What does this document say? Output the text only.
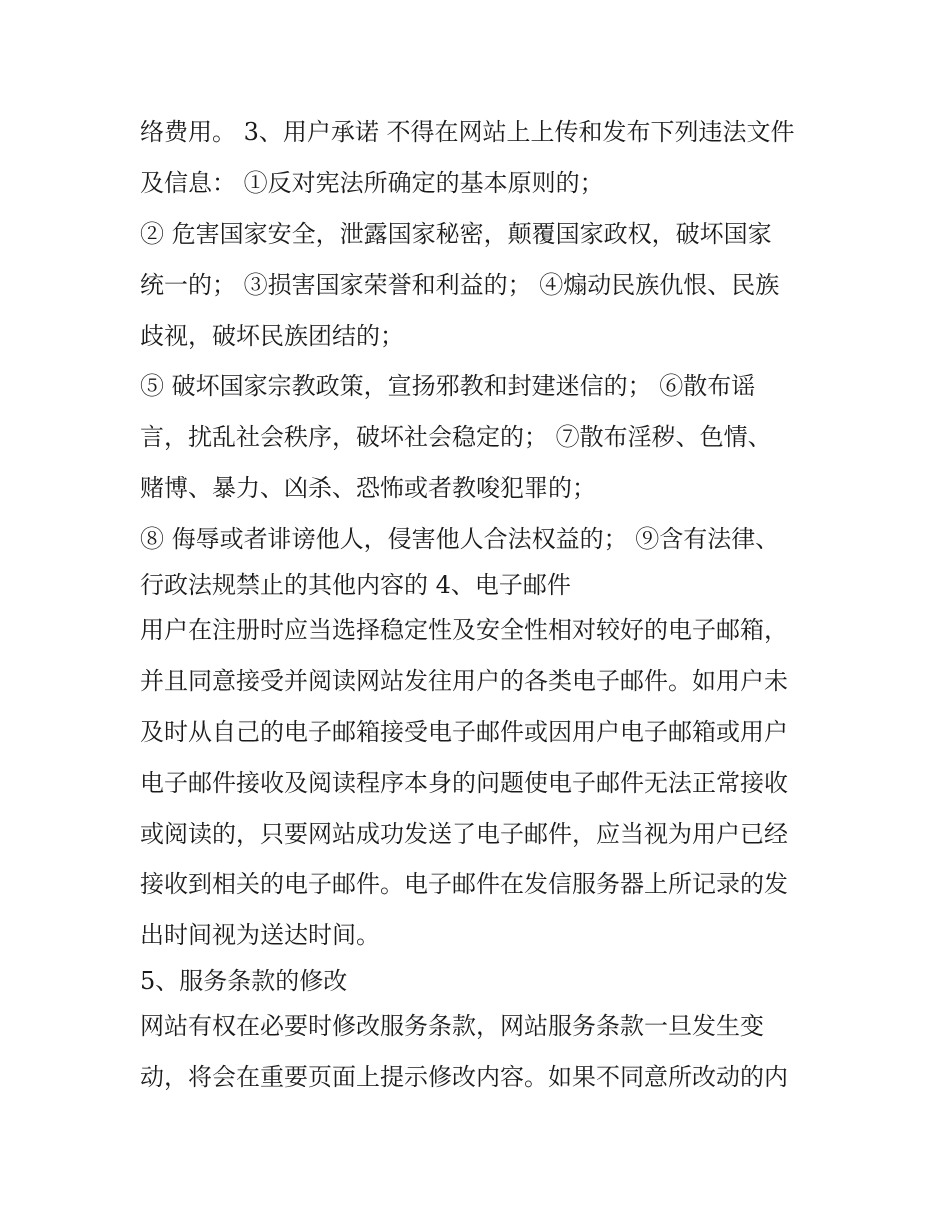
络费用。 3、用户承诺 不得在网站上上传和发布下列违法文件
及信息： ①反对宪法所确定的基本原则的；
② 危害国家安全，泄露国家秘密，颠覆国家政权，破坏国家
统一的； ③损害国家荣誉和利益的； ④煽动民族仇恨、民族
歧视，破坏民族团结的；
⑤ 破坏国家宗教政策，宣扬邪教和封建迷信的； ⑥散布谣
言，扰乱社会秩序，破坏社会稳定的； ⑦散布淫秽、色情、
赌博、暴力、凶杀、恐怖或者教唆犯罪的；
⑧ 侮辱或者诽谤他人，侵害他人合法权益的； ⑨含有法律、
行政法规禁止的其他内容的 4、电子邮件
用户在注册时应当选择稳定性及安全性相对较好的电子邮箱，
并且同意接受并阅读网站发往用户的各类电子邮件。如用户未
及时从自己的电子邮箱接受电子邮件或因用户电子邮箱或用户
电子邮件接收及阅读程序本身的问题使电子邮件无法正常接收
或阅读的，只要网站成功发送了电子邮件，应当视为用户已经
接收到相关的电子邮件。电子邮件在发信服务器上所记录的发
出时间视为送达时间。
5、服务条款的修改
网站有权在必要时修改服务条款，网站服务条款一旦发生变
动，将会在重要页面上提示修改内容。如果不同意所改动的内
